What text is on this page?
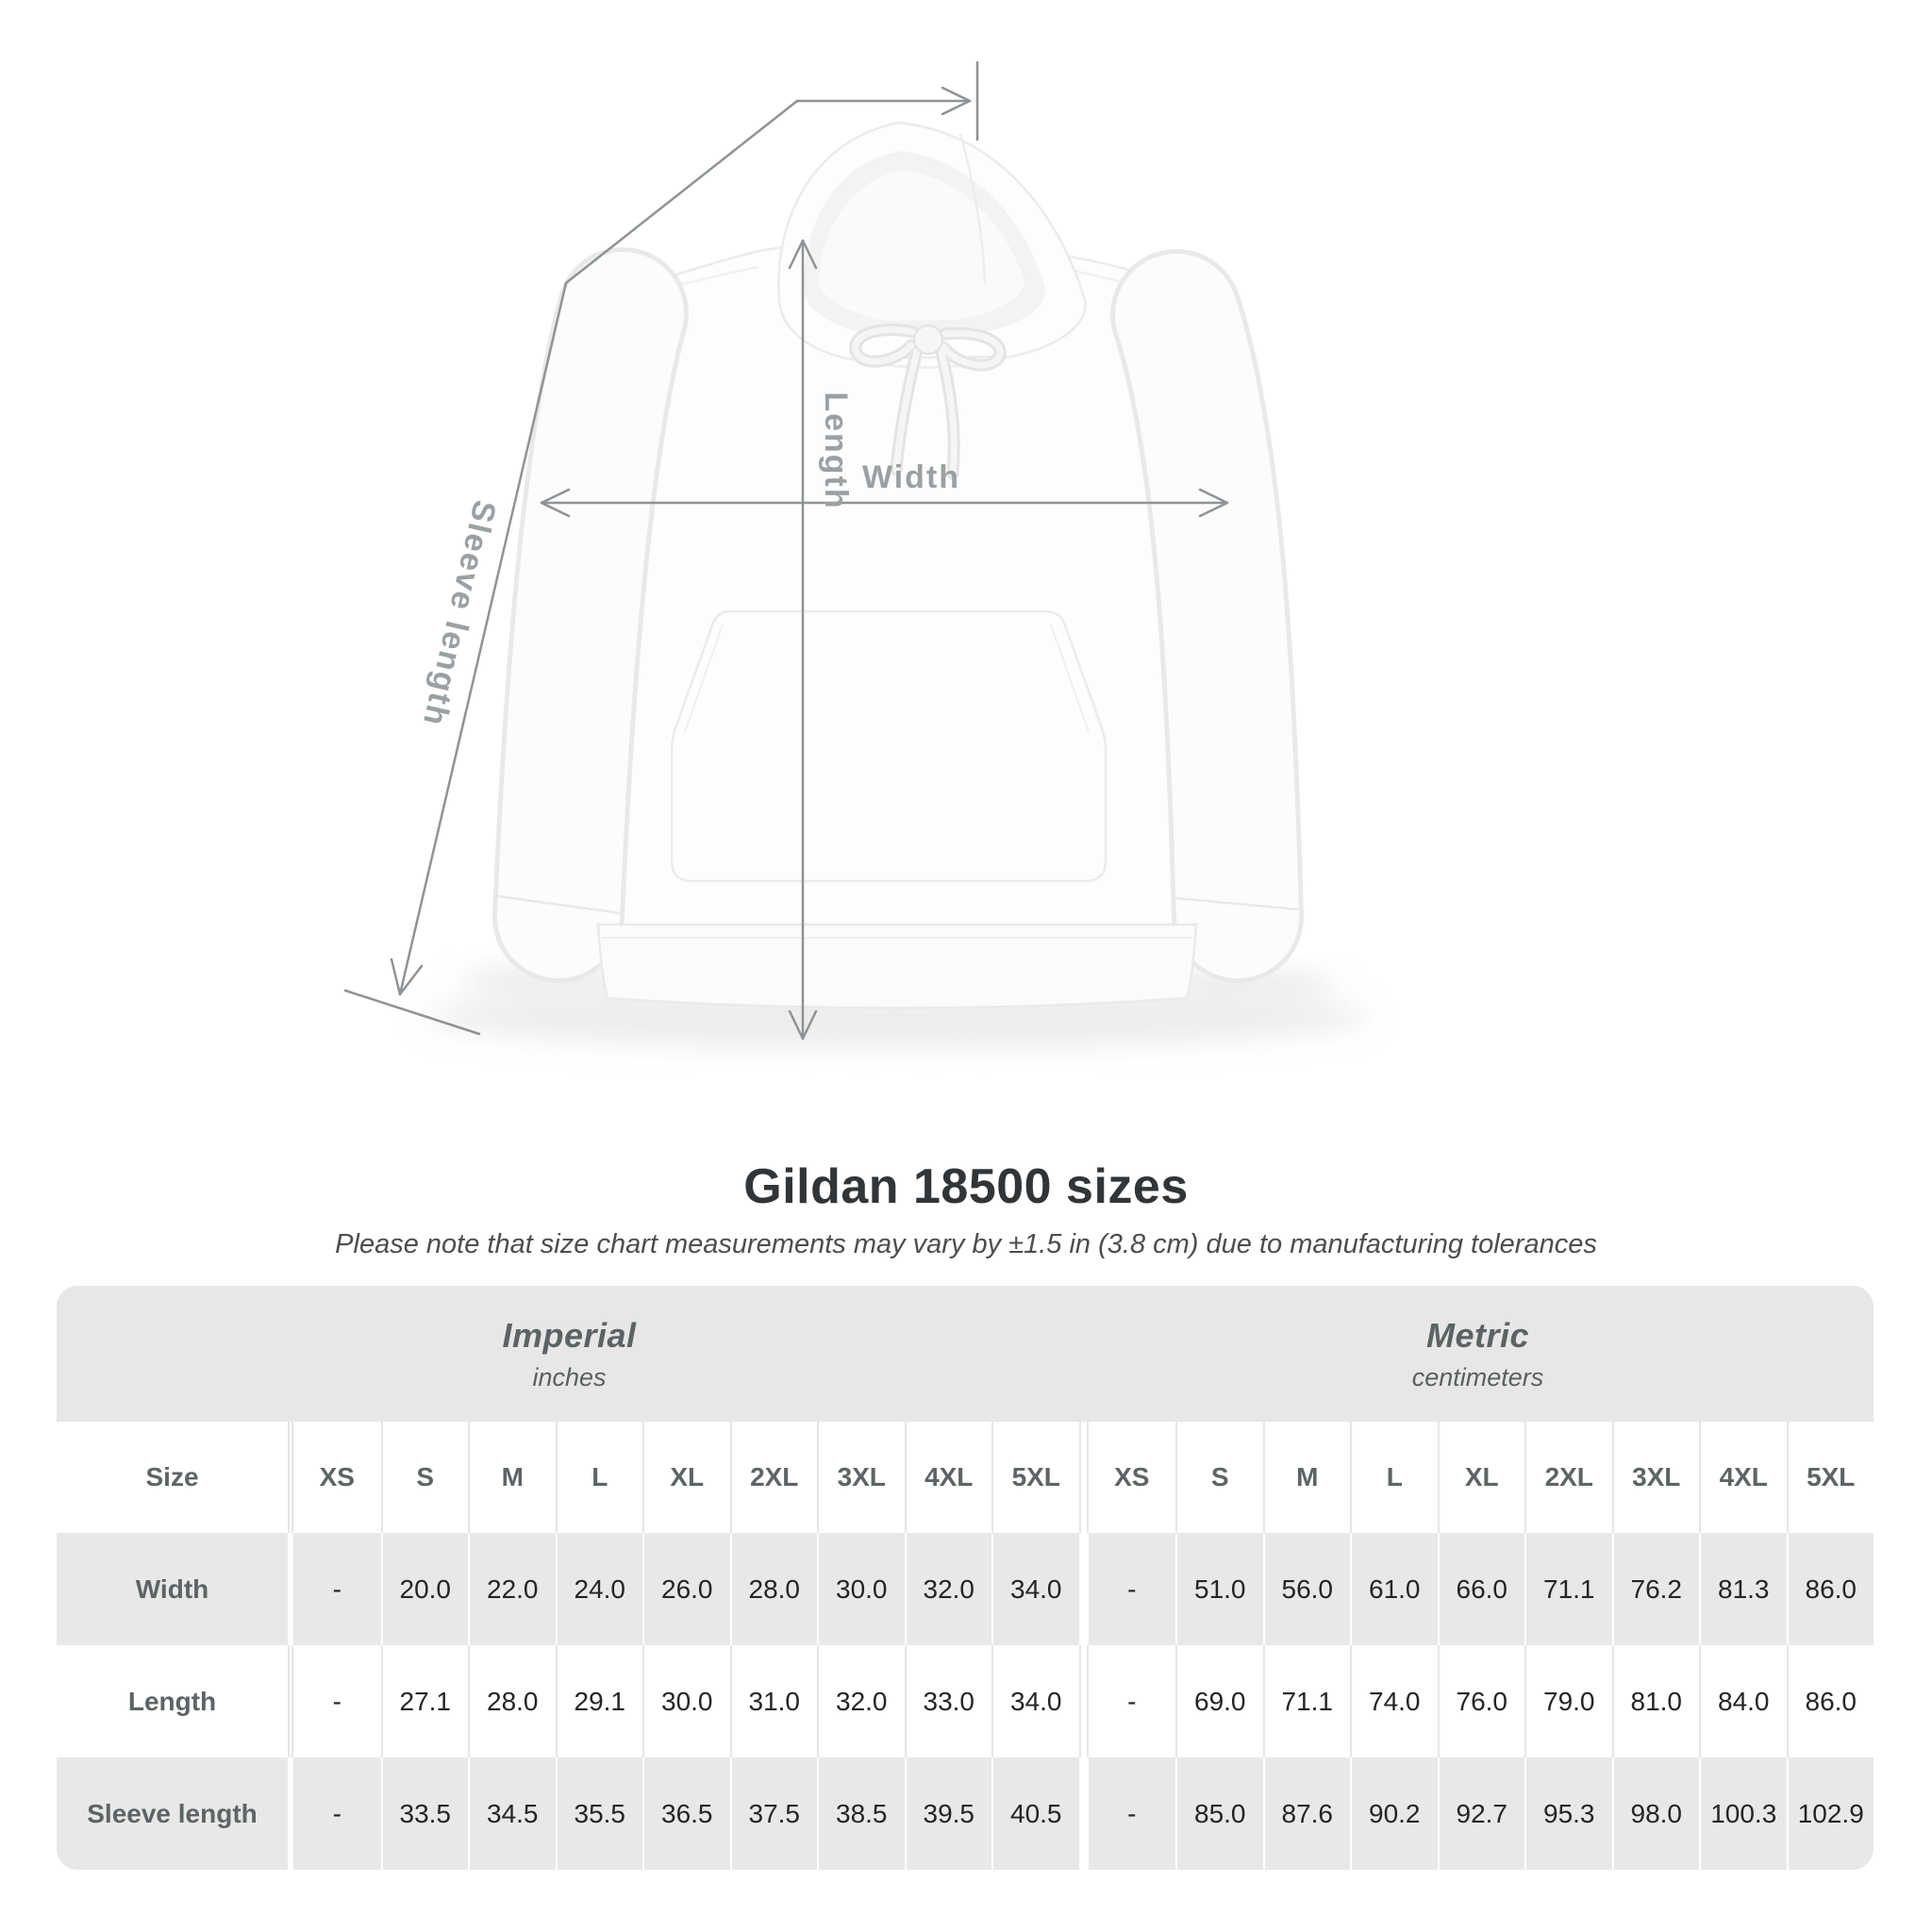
Length Width
Sleeve length
Gildan 18500 sizes
Please note that size chart measurements may vary by ±1.5 in (3.8 cm) due to manufacturing tolerances
Imperial
inches
Metric
centimeters
Size	XS	S	M	L	XL	2XL	3XL	4XL	5XL	XS	S	M	L	XL	2XL	3XL	4XL	5XL
Width	-	20.0	22.0	24.0	26.0	28.0	30.0	32.0	34.0	-	51.0	56.0	61.0	66.0	71.1	76.2	81.3	86.0
Length	-	27.1	28.0	29.1	30.0	31.0	32.0	33.0	34.0	-	69.0	71.1	74.0	76.0	79.0	81.0	84.0	86.0
Sleeve length	-	33.5	34.5	35.5	36.5	37.5	38.5	39.5	40.5	-	85.0	87.6	90.2	92.7	95.3	98.0	100.3 102.9
